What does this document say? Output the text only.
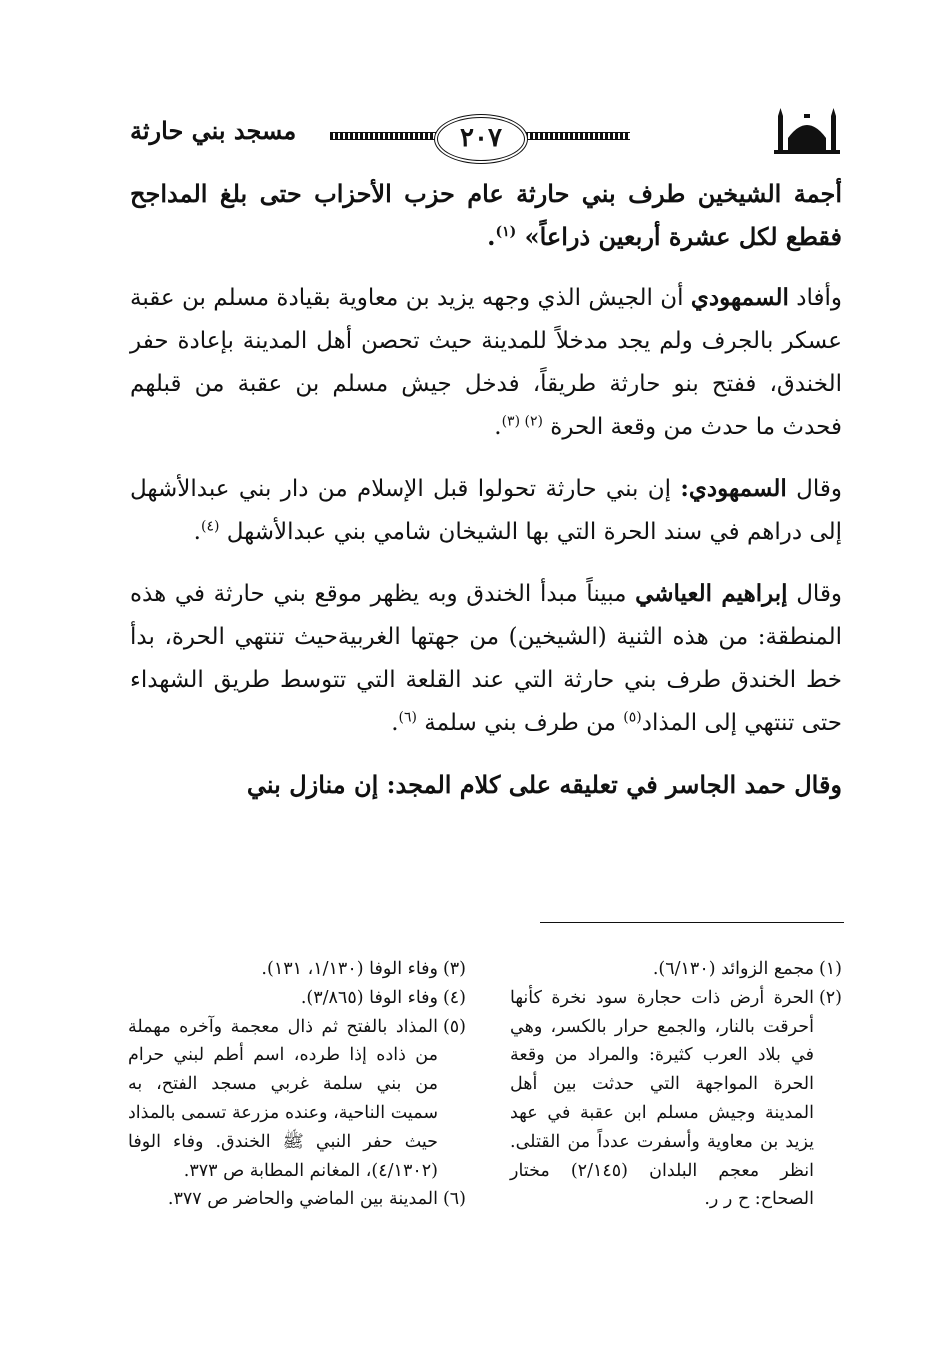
مسجد بني حارثة	٢٠٧

أجمة الشيخين طرف بني حارثة عام حزب الأحزاب حتى بلغ المداجح فقطع لكل عشرة أربعين ذراعاً» $^{(١)}$.

وأفاد السمهودي أن الجيش الذي وجهه يزيد بن معاوية بقيادة مسلم بن عقبة عسكر بالجرف ولم يجد مدخلاً للمدينة حيث تحصن أهل المدينة بإعادة حفر الخندق، ففتح بنو حارثة طريقاً، فدخل جيش مسلم بن عقبة من قبلهم فحدث ما حدث من وقعة الحرة $^{(٢) (٣)}$.

وقال السمهودي: إن بني حارثة تحولوا قبل الإسلام من دار بني عبدالأشهل إلى دراهم في سند الحرة التي بها الشيخان شامي بني عبدالأشهل $^{(٤)}$.

وقال إبراهيم العياشي مبيناً مبدأ الخندق وبه يظهر موقع بني حارثة في هذه المنطقة: من هذه الثنية (الشيخين) من جهتها الغربيةحيث تنتهي الحرة، بدأ خط الخندق طرف بني حارثة التي عند القلعة التي تتوسط طريق الشهداء حتى تنتهي إلى المذاد$^{(٥)}$ من طرف بني سلمة $^{(٦)}$.

وقال حمد الجاسر في تعليقه على كلام المجد: إن منازل بني

(١)
مجمع الزوائد (٦/١٣٠).

(٢)
الحرة أرض ذات حجارة سود نخرة كأنها أحرقت بالنار، والجمع حرار بالكسر، وهي في بلاد العرب كثيرة: والمراد من وقعة الحرة المواجهة التي حدثت بين أهل المدينة وجيش مسلم ابن عقبة في عهد يزيد بن معاوية وأسفرت عدداً من القتلى. انظر معجم البلدان (٢/١٤٥) مختار الصحاح: ح ر ر.

(٣)
وفاء الوفا (١/١٣٠، ١٣١).

(٤)
وفاء الوفا (٣/٨٦٥).

(٥)
المذاد بالفتح ثم ذال معجمة وآخره مهملة من ذاده إذا طرده، اسم أطم لبني حرام من بني سلمة غربي مسجد الفتح، به سميت الناحية، وعنده مزرعة تسمى بالمذاد حيث حفر النبي ﷺ الخندق. وفاء الوفا (٤/١٣٠٢)، المغانم المطابة ص ٣٧٣.

(٦)
المدينة بين الماضي والحاضر ص ٣٧٧.
